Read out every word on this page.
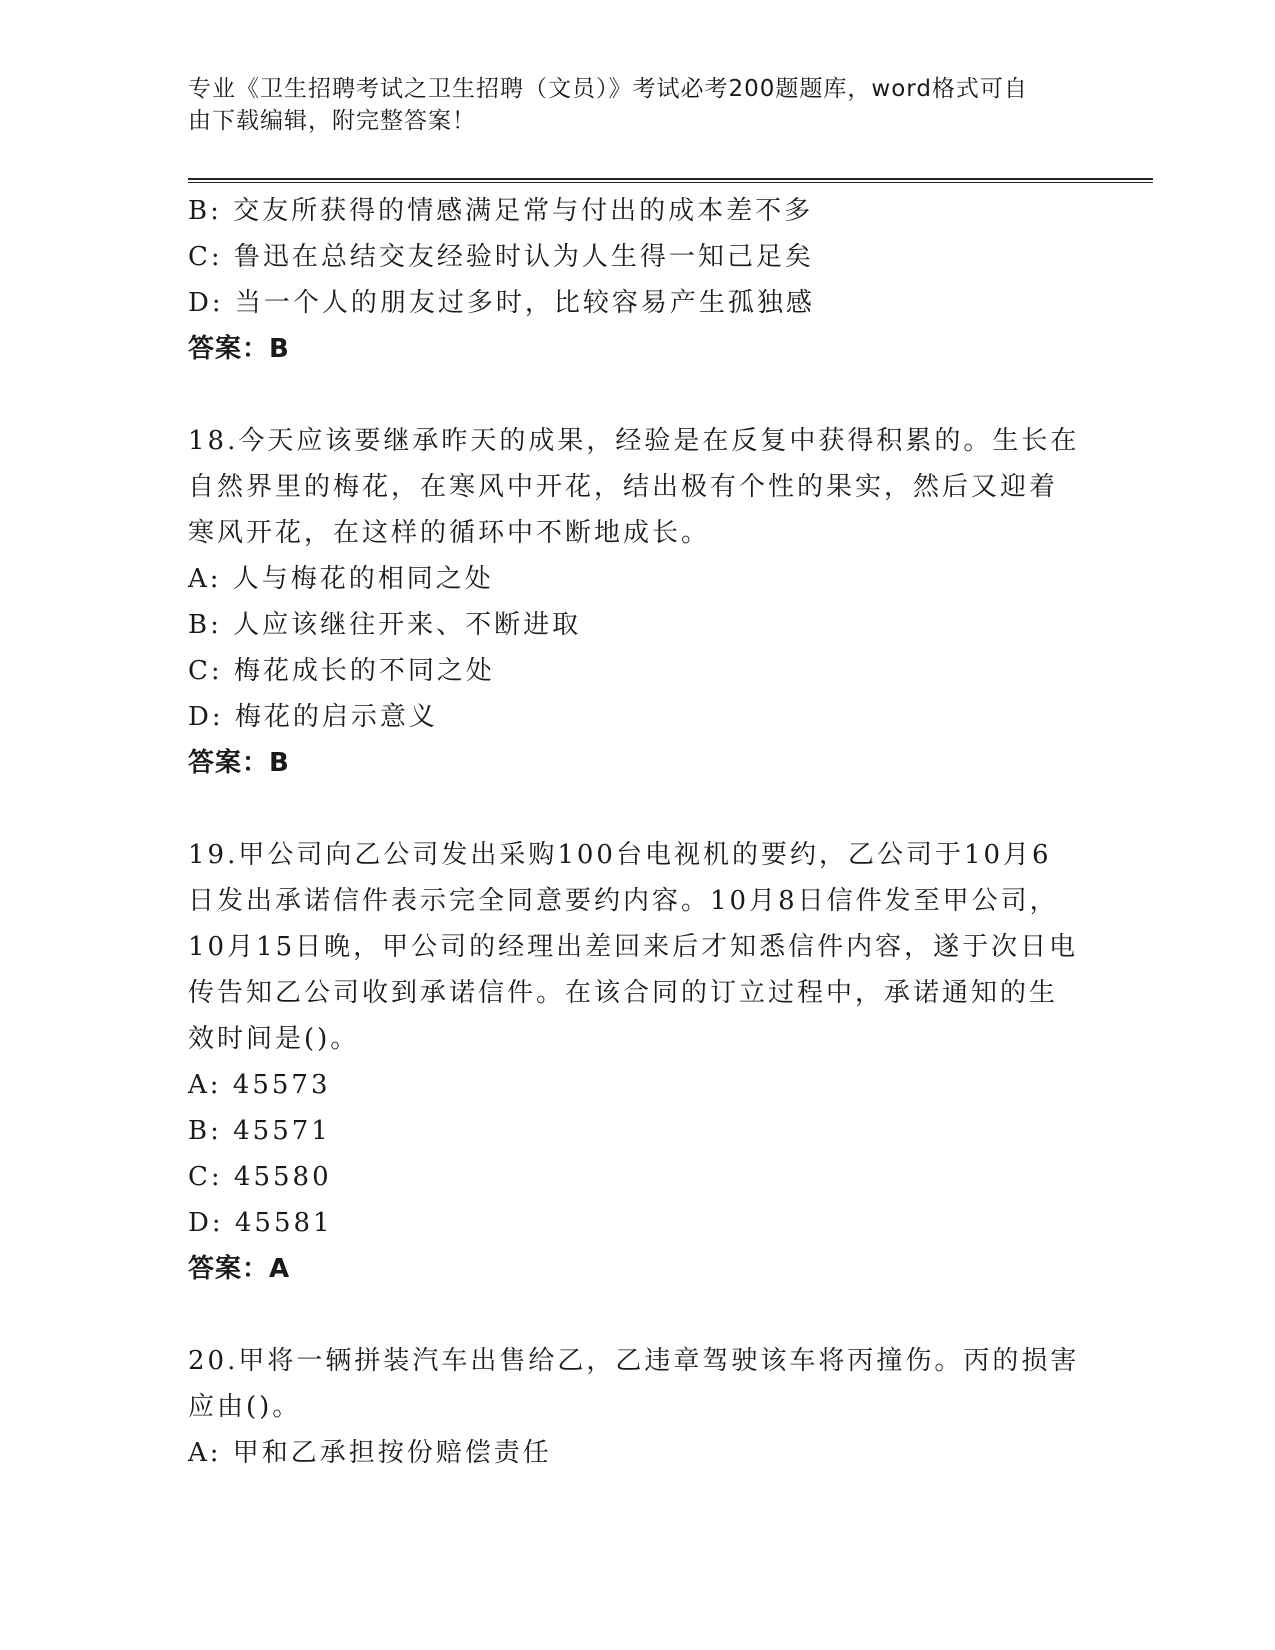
专业《卫生招聘考试之卫生招聘（文员）》考试必考200题题库，word格式可自
由下载编辑，附完整答案！

B: 交友所获得的情感满足常与付出的成本差不多

C: 鲁迅在总结交友经验时认为人生得一知己足矣

D: 当一个人的朋友过多时，比较容易产生孤独感

答案：B

18.今天应该要继承昨天的成果，经验是在反复中获得积累的。生长在

自然界里的梅花，在寒风中开花，结出极有个性的果实，然后又迎着

寒风开花，在这样的循环中不断地成长。

A: 人与梅花的相同之处

B: 人应该继往开来、不断进取

C: 梅花成长的不同之处

D: 梅花的启示意义

答案：B

19.甲公司向乙公司发出采购100台电视机的要约，乙公司于10月6

日发出承诺信件表示完全同意要约内容。10月8日信件发至甲公司，

10月15日晚，甲公司的经理出差回来后才知悉信件内容，遂于次日电

传告知乙公司收到承诺信件。在该合同的订立过程中，承诺通知的生

效时间是()。

A: 45573

B: 45571

C: 45580

D: 45581

答案：A

20.甲将一辆拼装汽车出售给乙，乙违章驾驶该车将丙撞伤。丙的损害

应由()。

A: 甲和乙承担按份赔偿责任
